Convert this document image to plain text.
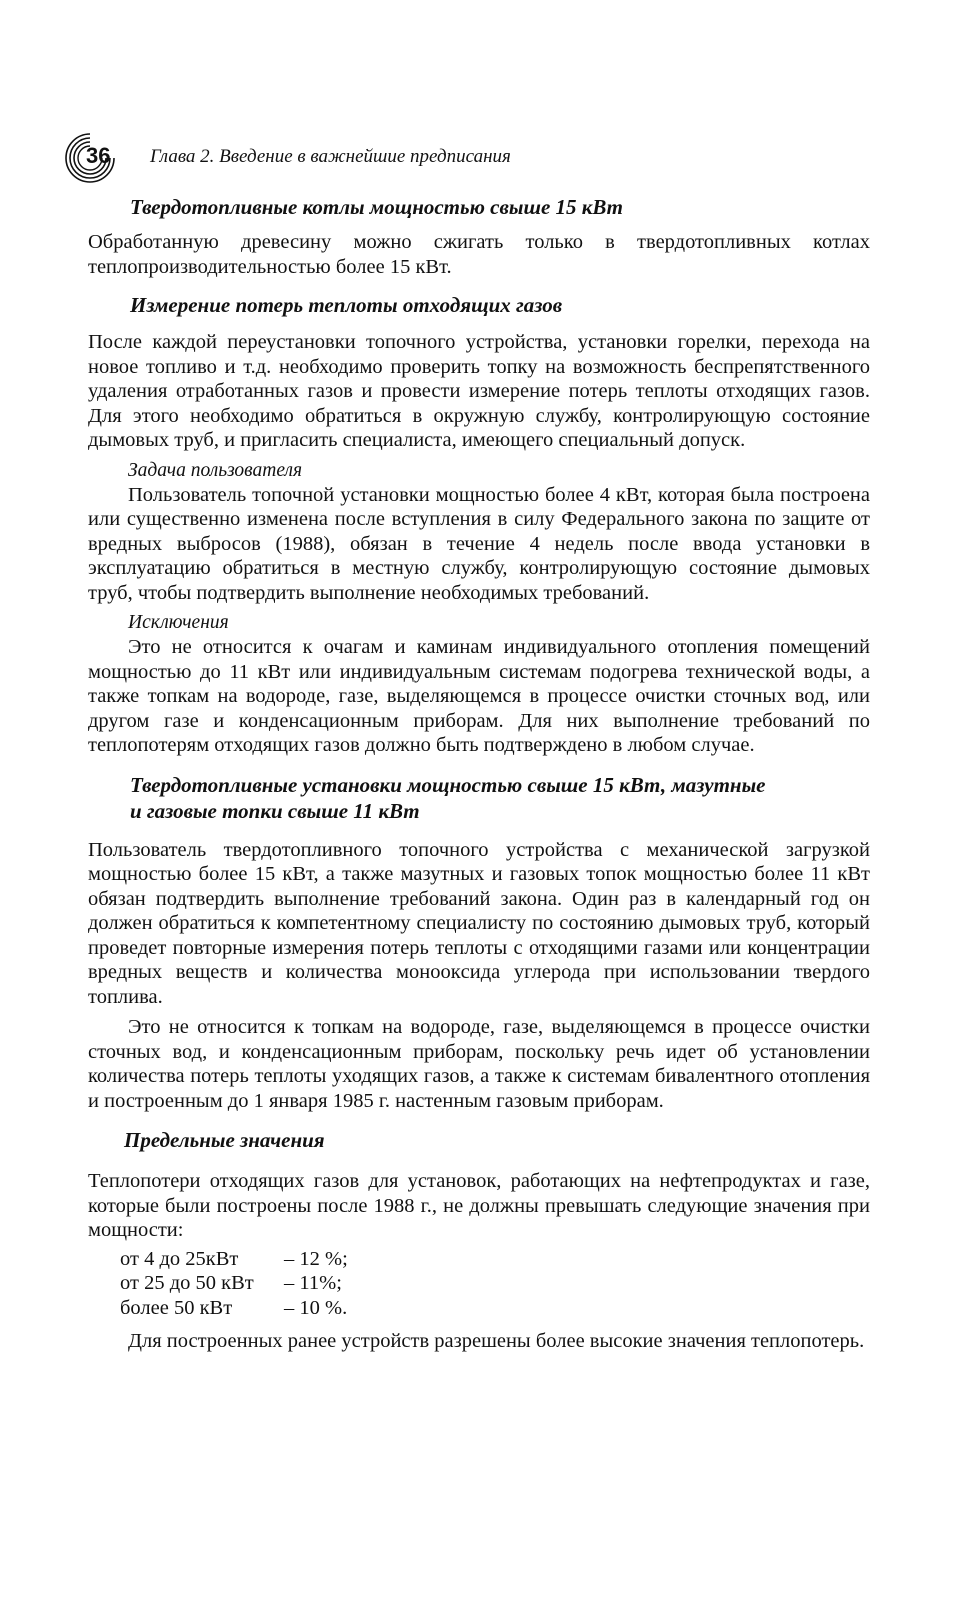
36 Глава 2. Введение в важнейшие предписания
Твердотопливные котлы мощностью свыше 15 кВт

Обработанную древесину можно сжигать только в твердотопливных котлах теплопроизводительностью более 15 кВт.

Измерение потерь теплоты отходящих газов

После каждой переустановки топочного устройства, установки горелки, перехода на новое топливо и т.д. необходимо проверить топку на возможность беспрепятственного удаления отработанных газов и провести измерение потерь теплоты отходящих газов. Для этого необходимо обратиться в окружную службу, контролирующую состояние дымовых труб, и пригласить специалиста, имеющего специальный допуск.

Задача пользователя

Пользователь топочной установки мощностью более 4 кВт, которая была построена или существенно изменена после вступления в силу Федерального закона по защите от вредных выбросов (1988), обязан в течение 4 недель после ввода установки в эксплуатацию обратиться в местную службу, контролирующую состояние дымовых труб, чтобы подтвердить выполнение необходимых требований.

Исключения

Это не относится к очагам и каминам индивидуального отопления помещений мощностью до 11 кВт или индивидуальным системам подогрева технической воды, а также топкам на водороде, газе, выделяющемся в процессе очистки сточных вод, или другом газе и конденсационным приборам. Для них выполнение требований по теплопотерям отходящих газов должно быть подтверждено в любом случае.

Твердотопливные установки мощностью свыше 15 кВт, мазутные
и газовые топки свыше 11 кВт

Пользователь твердотопливного топочного устройства с механической загрузкой мощностью более 15 кВт, а также мазутных и газовых топок мощностью более 11 кВт обязан подтвердить выполнение требований закона. Один раз в календарный год он должен обратиться к компетентному специалисту по состоянию дымовых труб, который проведет повторные измерения потерь теплоты с отходящими газами или концентрации вредных веществ и количества моноокcида углерода при использовании твердого топлива.

Это не относится к топкам на водороде, газе, выделяющемся в процессе очистки сточных вод, и конденсационным приборам, поскольку речь идет об установлении количества потерь теплоты уходящих газов, а также к системам бивалентного отопления и построенным до 1 января 1985 г. настенным газовым приборам.

Предельные значения

Теплопотери отходящих газов для установок, работающих на нефтепродуктах и газе, которые были построены после 1988 г., не должны превышать следующие значения при мощности:

от 4 до 25кВт	– 12 %;
от 25 до 50 кВт	– 11%;
более 50 кВт	– 10 %.

Для построенных ранее устройств разрешены более высокие значения теплопотерь.
